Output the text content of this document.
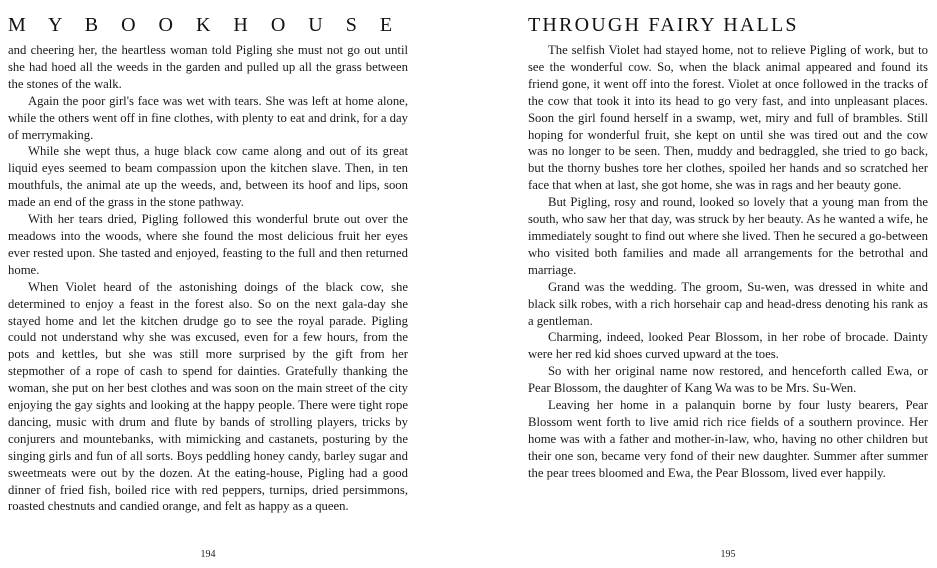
M Y B O O K H O U S E

and cheering her, the heartless woman told Pigling she must not go out until she had hoed all the weeds in the garden and pulled up all the grass between the stones of the walk.

Again the poor girl's face was wet with tears. She was left at home alone, while the others went off in fine clothes, with plenty to eat and drink, for a day of merrymaking.

While she wept thus, a huge black cow came along and out of its great liquid eyes seemed to beam compassion upon the kitchen slave. Then, in ten mouthfuls, the animal ate up the weeds, and, between its hoof and lips, soon made an end of the grass in the stone pathway.

With her tears dried, Pigling followed this wonderful brute out over the meadows into the woods, where she found the most delicious fruit her eyes ever rested upon. She tasted and enjoyed, feasting to the full and then returned home.

When Violet heard of the astonishing doings of the black cow, she determined to enjoy a feast in the forest also. So on the next gala-day she stayed home and let the kitchen drudge go to see the royal parade. Pigling could not understand why she was excused, even for a few hours, from the pots and kettles, but she was still more surprised by the gift from her stepmother of a rope of cash to spend for dainties. Gratefully thanking the woman, she put on her best clothes and was soon on the main street of the city enjoying the gay sights and looking at the happy people. There were tight rope dancing, music with drum and flute by bands of strolling players, tricks by conjurers and mountebanks, with mimicking and castanets, posturing by the singing girls and fun of all sorts. Boys peddling honey candy, barley sugar and sweetmeats were out by the dozen. At the eating-house, Pigling had a good dinner of fried fish, boiled rice with red peppers, turnips, dried persimmons, roasted chestnuts and candied orange, and felt as happy as a queen.

194
THROUGH FAIRY HALLS

The selfish Violet had stayed home, not to relieve Pigling of work, but to see the wonderful cow. So, when the black animal appeared and found its friend gone, it went off into the forest. Violet at once followed in the tracks of the cow that took it into its head to go very fast, and into unpleasant places. Soon the girl found herself in a swamp, wet, miry and full of brambles. Still hoping for wonderful fruit, she kept on until she was tired out and the cow was no longer to be seen. Then, muddy and bedraggled, she tried to go back, but the thorny bushes tore her clothes, spoiled her hands and so scratched her face that when at last, she got home, she was in rags and her beauty gone.

But Pigling, rosy and round, looked so lovely that a young man from the south, who saw her that day, was struck by her beauty. As he wanted a wife, he immediately sought to find out where she lived. Then he secured a go-between who visited both families and made all arrangements for the betrothal and marriage.

Grand was the wedding. The groom, Su-wen, was dressed in white and black silk robes, with a rich horsehair cap and head-dress denoting his rank as a gentleman.

Charming, indeed, looked Pear Blossom, in her robe of brocade. Dainty were her red kid shoes curved upward at the toes.

So with her original name now restored, and henceforth called Ewa, or Pear Blossom, the daughter of Kang Wa was to be Mrs. Su-Wen.

Leaving her home in a palanquin borne by four lusty bearers, Pear Blossom went forth to live amid rich rice fields of a southern province. Her home was with a father and mother-in-law, who, having no other children but their one son, became very fond of their new daughter. Summer after summer the pear trees bloomed and Ewa, the Pear Blossom, lived ever happily.

195
